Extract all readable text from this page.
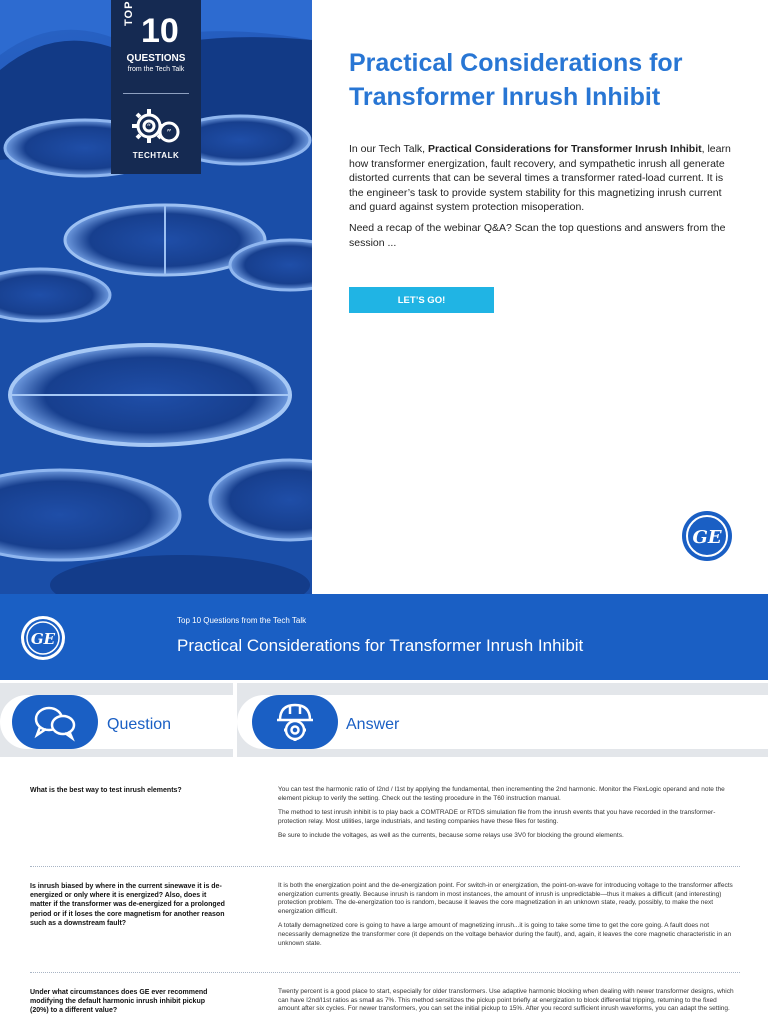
TOP 10
QUESTIONS
from the Tech Talk
”
“
TECHTALK
Practical Considerations for Transformer Inrush Inhibit

In our Tech Talk, Practical Considerations for Transformer Inrush Inhibit, learn how transformer energization, fault recovery, and sympathetic inrush all generate distorted currents that can be several times a transformer rated-load current. It is the engineer’s task to provide system stability for this magnetizing inrush current and guard against system protection misoperation.

Need a recap of the webinar Q&A? Scan the top questions and answers from the session ...

LET’S GO!
GE
GE
Top 10 Questions from the Tech Talk
Practical Considerations for Transformer Inrush Inhibit
Question	Answer
What is the best way to test inrush elements?	You can test the harmonic ratio of I2nd / I1st by applying the fundamental, then incrementing the 2nd harmonic. Monitor the FlexLogic operand and note the element pickup to verify the setting. Check out the testing procedure in the T60 instruction manual.

The method to test inrush inhibit is to play back a COMTRADE or RTDS simulation file from the inrush events that you have recorded in the transformer-protection relay. Most utilities, large industrials, and testing companies have these files for testing.

Be sure to include the voltages, as well as the currents, because some relays use 3V0 for blocking the ground elements.

Is inrush biased by where in the current sinewave it is de-energized or only where it is energized? Also, does it matter if the transformer was de-energized for a prolonged period or if it loses the core magnetism for another reason such as a downstream fault?

It is both the energization point and the de-energization point. For switch-in or energization, the point-on-wave for introducing voltage to the transformer affects energization currents greatly. Because inrush is random in most instances, the amount of inrush is unpredictable—thus it makes a difficult (and interesting) protection problem. The de-energization too is random, because it leaves the core magnetization in an unknown state, ready, possibly, to make the next energization difficult.

A totally demagnetized core is going to have a large amount of magnetizing inrush...it is going to take some time to get the core going. A fault does not necessarily demagnetize the transformer core (it depends on the voltage behavior during the fault), and, again, it leaves the core magnetic characteristic in an unknown state.

Under what circumstances does GE ever recommend modifying the default harmonic inrush inhibit pickup (20%) to a different value?

Twenty percent is a good place to start, especially for older transformers. Use adaptive harmonic blocking when dealing with newer transformer designs, which can have I2nd/I1st ratios as small as 7%. This method sensitizes the pickup point briefly at energization to block differential tripping, returning to the fixed amount after six cycles. For newer transformers, you can set the initial pickup to 15%. After you record sufficient inrush waveforms, you can adapt the setting.
